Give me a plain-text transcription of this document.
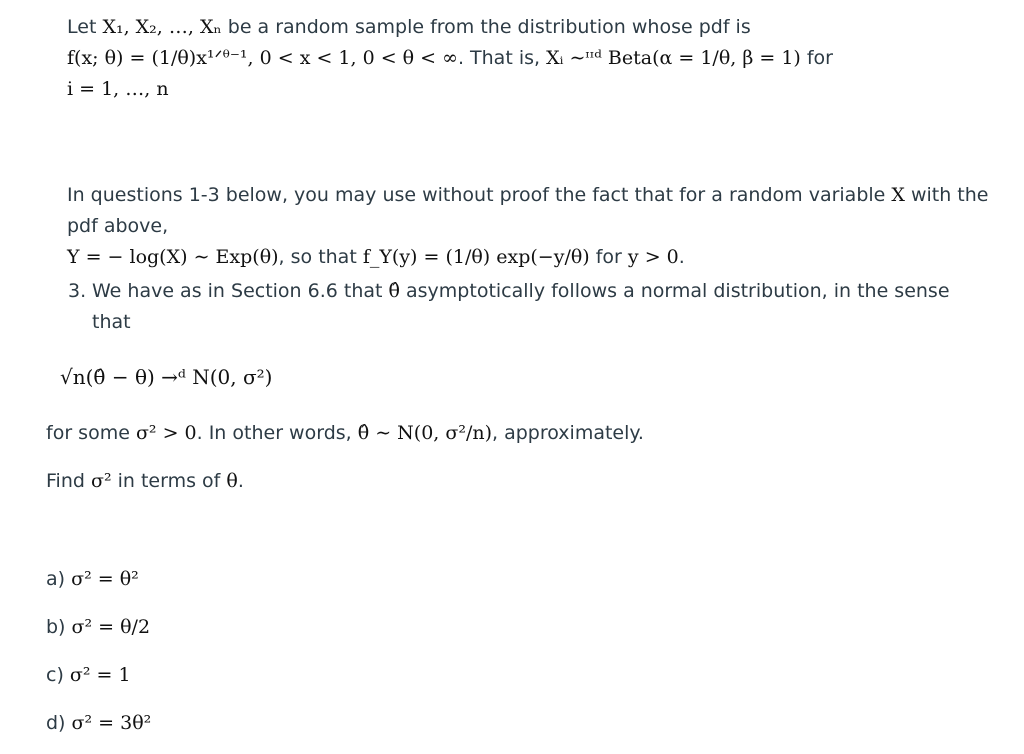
Let X₁, X₂, …, Xₙ be a random sample from the distribution whose pdf is
f(x; θ) = (1/θ)x¹ᐟᶿ⁻¹, 0 < x < 1, 0 < θ < ∞. That is, Xᵢ ∼ᶦᶦᵈ Beta(α = 1/θ, β = 1) for
i = 1, …, n

In questions 1-3 below, you may use without proof the fact that for a random variable X with the pdf above,
Y = − log(X) ∼ Exp(θ), so that f_Y(y) = (1/θ) exp(−y/θ) for y > 0.

3. We have as in Section 6.6 that θ̂ asymptotically follows a normal distribution, in the sense
that

√n(θ̂ − θ) →ᵈ N(0, σ²)

for some σ² > 0. In other words, θ̂ ∼ N(0, σ²/n), approximately.

Find σ² in terms of θ.

a) σ² = θ²

b) σ² = θ/2

c) σ² = 1

d) σ² = 3θ²
